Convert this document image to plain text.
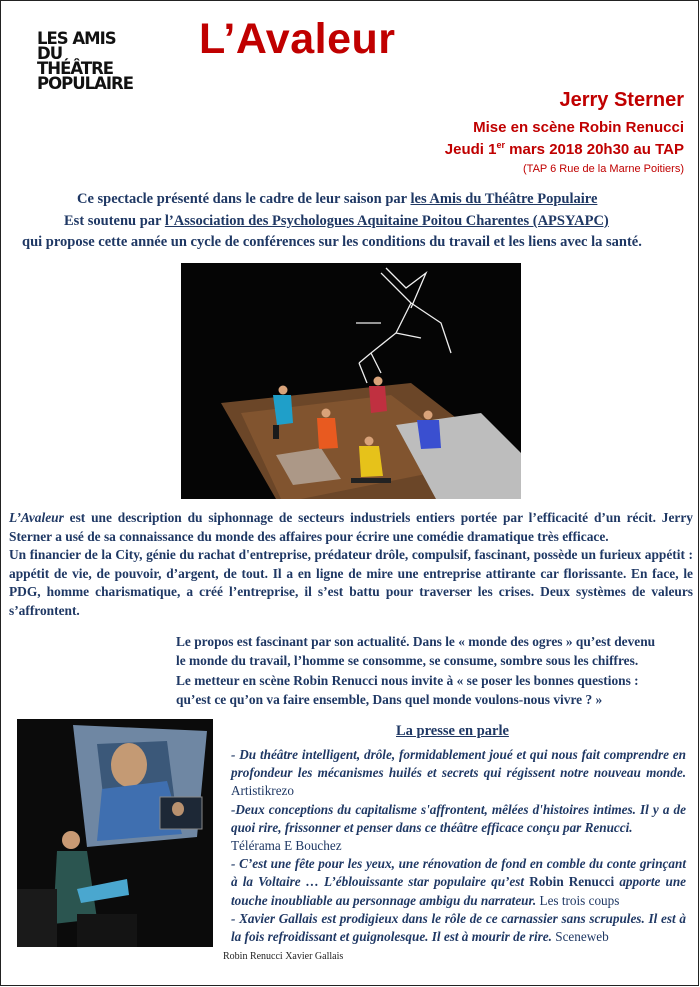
LES AMIS
DU
THÉÂTRE
POPULAIRE
L’Avaleur
Jerry Sterner
Mise en scène Robin Renucci
Jeudi 1er mars 2018 20h30 au TAP
(TAP 6 Rue de la Marne Poitiers)
Ce spectacle présenté dans le cadre de leur saison par les Amis du Théâtre Populaire
Est soutenu par l’Association des Psychologues Aquitaine Poitou Charentes (APSYAPC)
qui propose cette année un cycle de conférences sur les conditions du travail et les liens avec la santé.

L’Avaleur est une description du siphonnage de secteurs industriels entiers portée par l’efficacité d’un récit. Jerry Sterner a usé de sa connaissance du monde des affaires pour écrire une comédie dramatique très efficace.

Un financier de la City, génie du rachat d'entreprise, prédateur drôle, compulsif, fascinant, possède un furieux appétit : appétit de vie, de pouvoir, d’argent, de tout. Il a en ligne de mire une entreprise attirante car florissante. En face, le PDG, homme charismatique, a créé l’entreprise, il s’est battu pour traverser les crises. Deux systèmes de valeurs s’affrontent.

Le propos est fascinant par son actualité. Dans le « monde des ogres » qu’est devenu

le monde du travail, l’homme se consomme, se consume, sombre sous les chiffres.

Le metteur en scène Robin Renucci nous invite à « se poser les bonnes questions :

qu’est ce qu’on va faire ensemble, Dans quel monde voulons-nous vivre ? »

Robin Renucci Xavier Gallais
La presse en parle

- Du théâtre intelligent, drôle, formidablement joué et qui nous fait comprendre en profondeur les mécanismes huilés et secrets qui régissent notre nouveau monde. Artistikrezo

-Deux conceptions du capitalisme s'affrontent, mêlées d'histoires intimes. Il y a de quoi rire, frissonner et penser dans ce théâtre efficace conçu par Renucci.

Télérama E Bouchez

- C’est une fête pour les yeux, une rénovation de fond en comble du conte grinçant à la Voltaire … L’éblouissante star populaire qu’est Robin Renucci apporte une touche inoubliable au personnage ambigu du narrateur. Les trois coups

- Xavier Gallais est prodigieux dans le rôle de ce carnassier sans scrupules. Il est à la fois refroidissant et guignolesque. Il est à mourir de rire. Sceneweb
